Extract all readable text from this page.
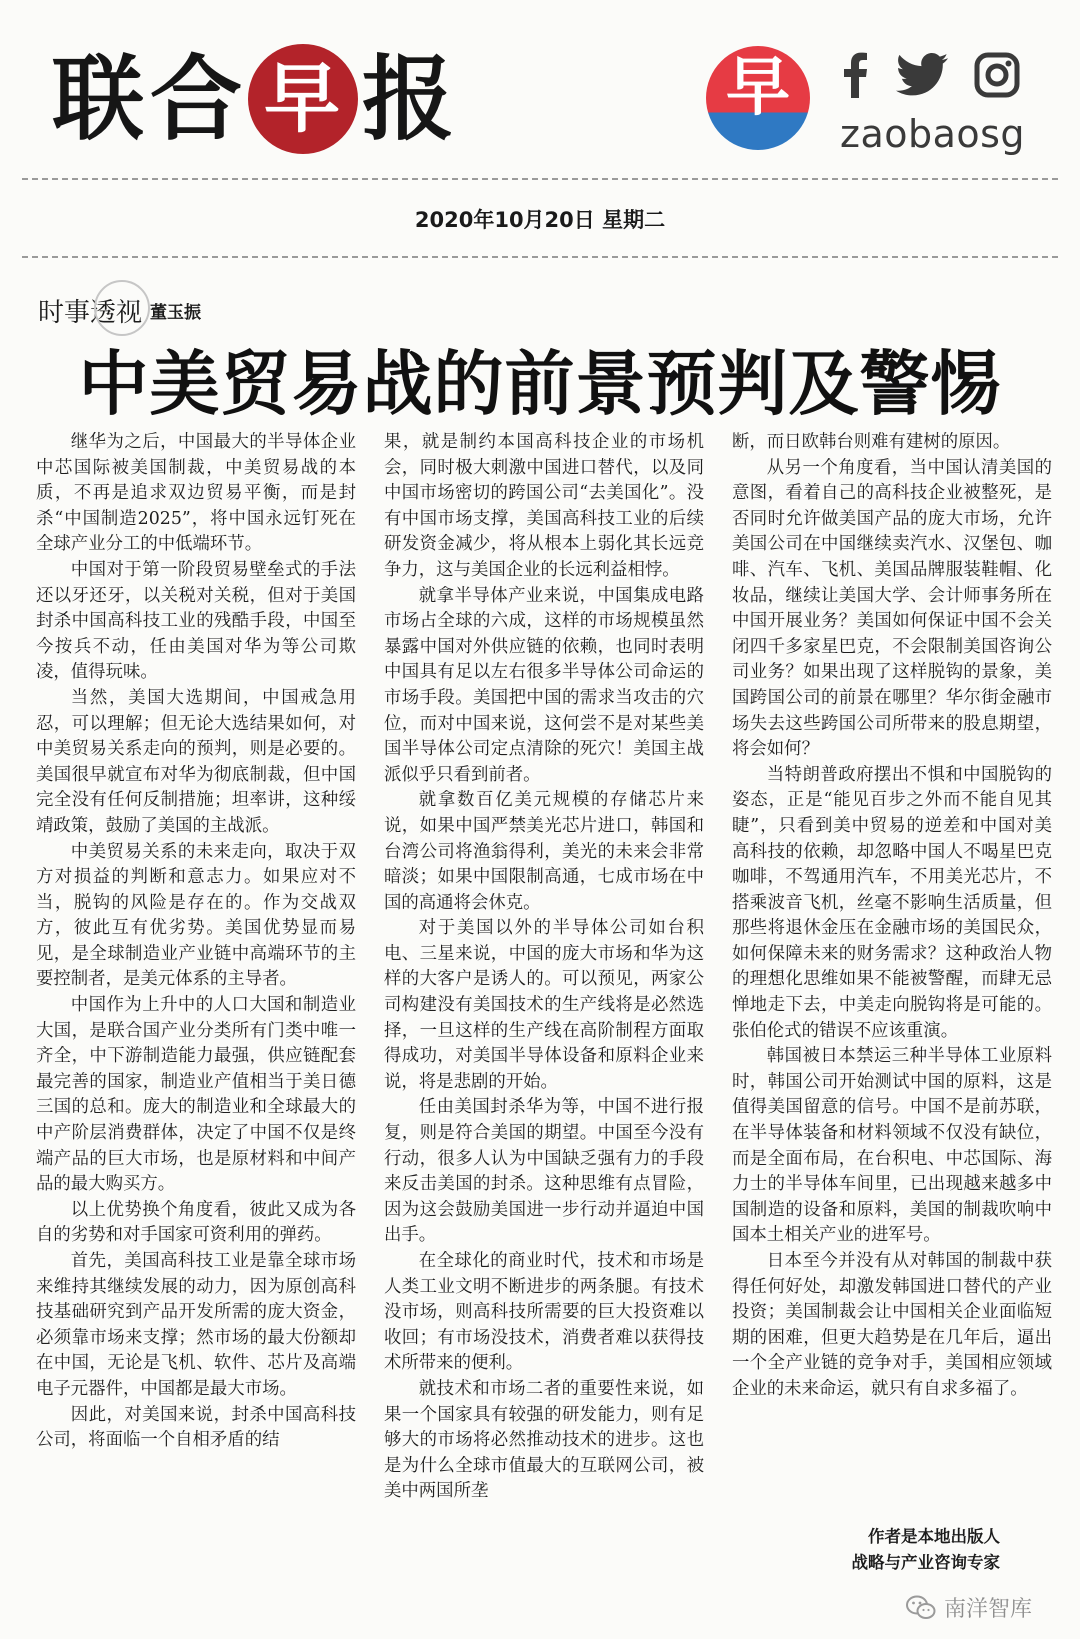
联 合 早 报	早
zaobaosg
2020年10月20日 星期二
时事透视 董玉振
中美贸易战的前景预判及警惕

继华为之后，中国最大的半导体企业中芯国际被美国制裁，中美贸易战的本质，不再是追求双边贸易平衡，而是封杀“中国制造2025”，将中国永远钉死在全球产业分工的中低端环节。

中国对于第一阶段贸易壁垒式的手法还以牙还牙，以关税对关税，但对于美国封杀中国高科技工业的残酷手段，中国至今按兵不动，任由美国对华为等公司欺凌，值得玩味。

当然，美国大选期间，中国戒急用忍，可以理解；但无论大选结果如何，对中美贸易关系走向的预判，则是必要的。美国很早就宣布对华为彻底制裁，但中国完全没有任何反制措施；坦率讲，这种绥靖政策，鼓励了美国的主战派。

中美贸易关系的未来走向，取决于双方对损益的判断和意志力。如果应对不当，脱钩的风险是存在的。作为交战双方，彼此互有优劣势。美国优势显而易见，是全球制造业产业链中高端环节的主要控制者，是美元体系的主导者。

中国作为上升中的人口大国和制造业大国，是联合国产业分类所有门类中唯一齐全，中下游制造能力最强，供应链配套最完善的国家，制造业产值相当于美日德三国的总和。庞大的制造业和全球最大的中产阶层消费群体，决定了中国不仅是终端产品的巨大市场，也是原材料和中间产品的最大购买方。

以上优势换个角度看，彼此又成为各自的劣势和对手国家可资利用的弹药。

首先，美国高科技工业是靠全球市场来维持其继续发展的动力，因为原创高科技基础研究到产品开发所需的庞大资金，必须靠市场来支撑；然市场的最大份额却在中国，无论是飞机、软件、芯片及高端电子元器件，中国都是最大市场。

因此，对美国来说，封杀中国高科技公司，将面临一个自相矛盾的结

果，就是制约本国高科技企业的市场机会，同时极大刺激中国进口替代，以及同中国市场密切的跨国公司“去美国化”。没有中国市场支撑，美国高科技工业的后续研发资金减少，将从根本上弱化其长远竞争力，这与美国企业的长远利益相悖。

就拿半导体产业来说，中国集成电路市场占全球的六成，这样的市场规模虽然暴露中国对外供应链的依赖，也同时表明中国具有足以左右很多半导体公司命运的市场手段。美国把中国的需求当攻击的穴位，而对中国来说，这何尝不是对某些美国半导体公司定点清除的死穴！美国主战派似乎只看到前者。

就拿数百亿美元规模的存储芯片来说，如果中国严禁美光芯片进口，韩国和台湾公司将渔翁得利，美光的未来会非常暗淡；如果中国限制高通，七成市场在中国的高通将会休克。

对于美国以外的半导体公司如台积电、三星来说，中国的庞大市场和华为这样的大客户是诱人的。可以预见，两家公司构建没有美国技术的生产线将是必然选择，一旦这样的生产线在高阶制程方面取得成功，对美国半导体设备和原料企业来说，将是悲剧的开始。

任由美国封杀华为等，中国不进行报复，则是符合美国的期望。中国至今没有行动，很多人认为中国缺乏强有力的手段来反击美国的封杀。这种思维有点冒险，因为这会鼓励美国进一步行动并逼迫中国出手。

在全球化的商业时代，技术和市场是人类工业文明不断进步的两条腿。有技术没市场，则高科技所需要的巨大投资难以收回；有市场没技术，消费者难以获得技术所带来的便利。

就技术和市场二者的重要性来说，如果一个国家具有较强的研发能力，则有足够大的市场将必然推动技术的进步。这也是为什么全球市值最大的互联网公司，被美中两国所垄

断，而日欧韩台则难有建树的原因。

从另一个角度看，当中国认清美国的意图，看着自己的高科技企业被整死，是否同时允许做美国产品的庞大市场，允许美国公司在中国继续卖汽水、汉堡包、咖啡、汽车、飞机、美国品牌服装鞋帽、化妆品，继续让美国大学、会计师事务所在中国开展业务？美国如何保证中国不会关闭四千多家星巴克，不会限制美国咨询公司业务？如果出现了这样脱钩的景象，美国跨国公司的前景在哪里？华尔街金融市场失去这些跨国公司所带来的股息期望，将会如何？

当特朗普政府摆出不惧和中国脱钩的姿态，正是“能见百步之外而不能自见其睫”，只看到美中贸易的逆差和中国对美高科技的依赖，却忽略中国人不喝星巴克咖啡，不驾通用汽车，不用美光芯片，不搭乘波音飞机，丝毫不影响生活质量，但那些将退休金压在金融市场的美国民众，如何保障未来的财务需求？这种政治人物的理想化思维如果不能被警醒，而肆无忌惮地走下去，中美走向脱钩将是可能的。张伯伦式的错误不应该重演。

韩国被日本禁运三种半导体工业原料时，韩国公司开始测试中国的原料，这是值得美国留意的信号。中国不是前苏联，在半导体装备和材料领域不仅没有缺位，而是全面布局，在台积电、中芯国际、海力士的半导体车间里，已出现越来越多中国制造的设备和原料，美国的制裁吹响中国本土相关产业的进军号。

日本至今并没有从对韩国的制裁中获得任何好处，却激发韩国进口替代的产业投资；美国制裁会让中国相关企业面临短期的困难，但更大趋势是在几年后，逼出一个全产业链的竞争对手，美国相应领域企业的未来命运，就只有自求多福了。

作者是本地出版人
战略与产业咨询专家
南洋智库
